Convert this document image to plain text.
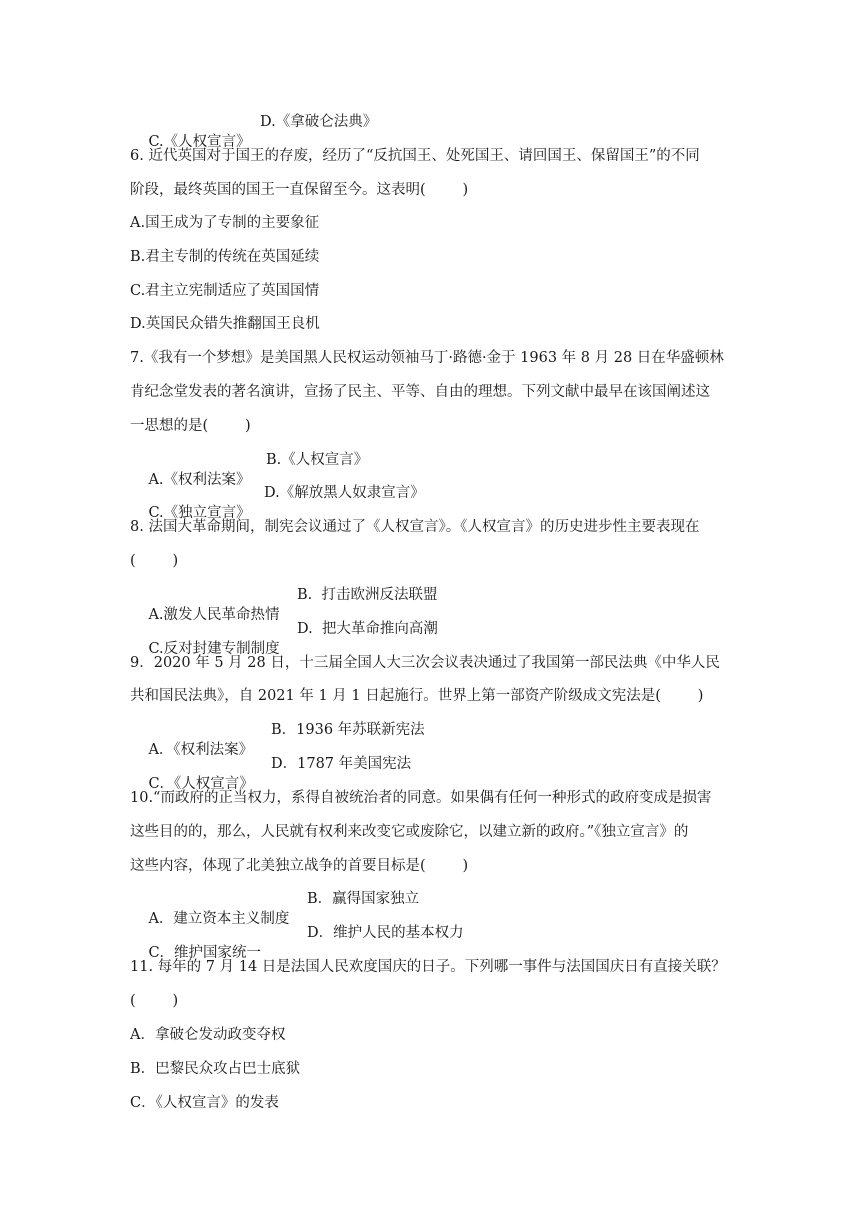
C.《人权宣言》

D.《拿破仑法典》

6. 近代英国对于国王的存废，经历了“反抗国王、处死国王、请回国王、保留国王”的不同
阶段，最终英国的国王一直保留至今。这表明(        )
A.国王成为了专制的主要象征
B.君主专制的传统在英国延续
C.君主立宪制适应了英国国情
D.英国民众错失推翻国王良机
7.《我有一个梦想》是美国黑人民权运动领袖马丁·路德·金于 1963 年 8 月 28 日在华盛顿林
肯纪念堂发表的著名演讲，宣扬了民主、平等、自由的理想。下列文献中最早在该国阐述这
一思想的是(        )

A.《权利法案》

B.《人权宣言》

C.《独立宣言》

D.《解放黑人奴隶宣言》

8. 法国大革命期间，制宪会议通过了《人权宣言》。《人权宣言》的历史进步性主要表现在
(        )

A.激发人民革命热情

B.  打击欧洲反法联盟

C.反对封建专制制度

D.  把大革命推向高潮

9．2020 年 5 月 28 日，十三届全国人大三次会议表决通过了我国第一部民法典《中华人民
共和国民法典》，自 2021 年 1 月 1 日起施行。世界上第一部资产阶级成文宪法是(        )

A．《权利法案》

B．1936 年苏联新宪法

C．《人权宣言》

D．1787 年美国宪法

10.“而政府的正当权力，系得自被统治者的同意。如果偶有任何一种形式的政府变成是损害
这些目的的，那么，人民就有权利来改变它或废除它，以建立新的政府。”《独立宣言》的
这些内容，体现了北美独立战争的首要目标是(        )

A．建立资本主义制度

B．赢得国家独立

C．维护国家统一

D．维护人民的基本权力

11. 每年的 7 月 14 日是法国人民欢度国庆的日子。下列哪一事件与法国国庆日有直接关联？
(        )
A．拿破仑发动政变夺权
B．巴黎民众攻占巴士底狱
C．《人权宣言》的发表
